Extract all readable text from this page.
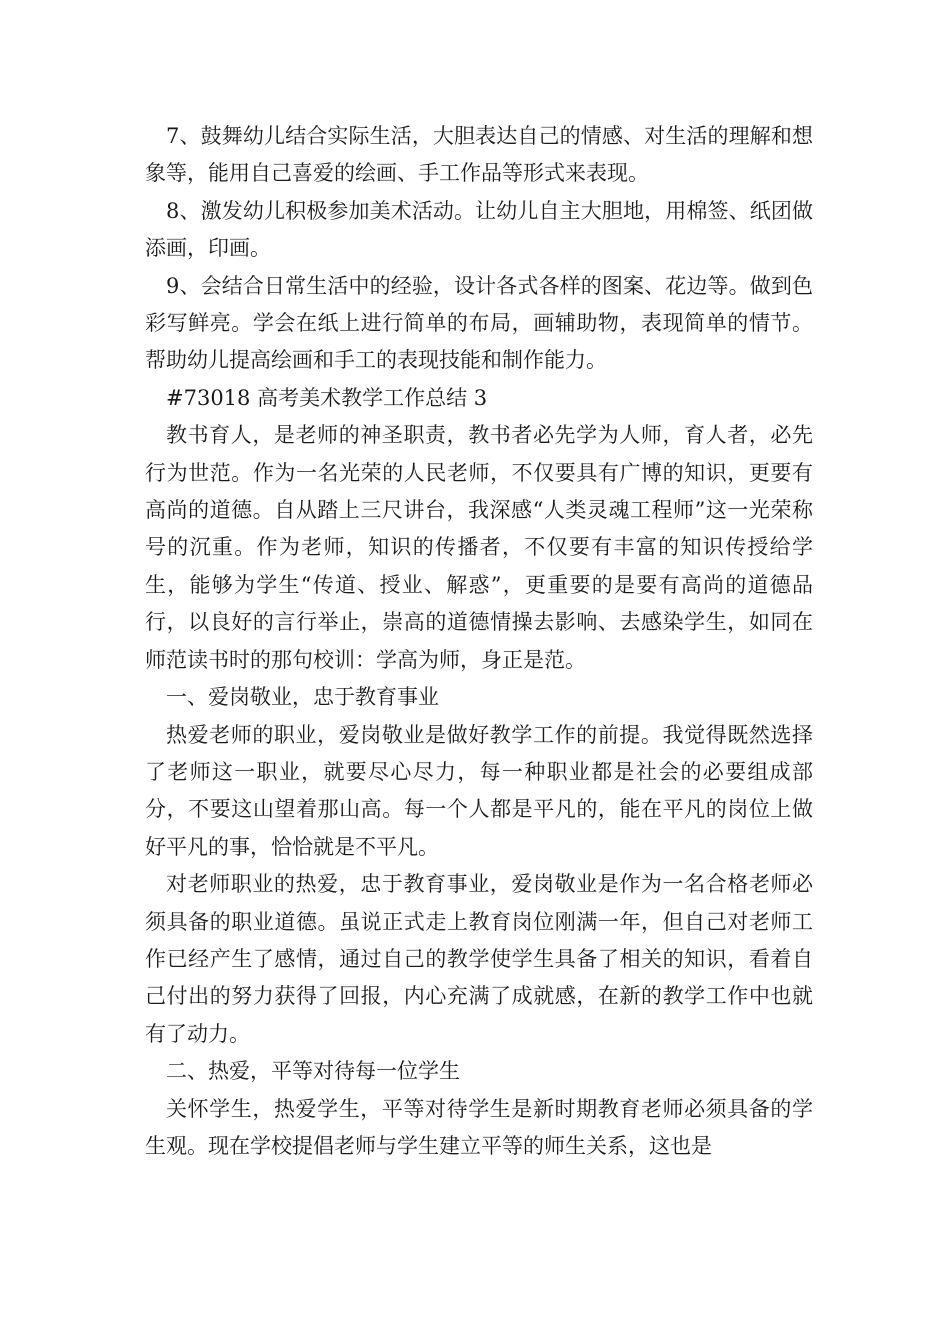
7、鼓舞幼儿结合实际生活，大胆表达自己的情感、对生活的理解和想象等，能用自己喜爱的绘画、手工作品等形式来表现。

8、激发幼儿积极参加美术活动。让幼儿自主大胆地，用棉签、纸团做添画，印画。

9、会结合日常生活中的经验，设计各式各样的图案、花边等。做到色彩写鲜亮。学会在纸上进行简单的布局，画辅助物，表现简单的情节。帮助幼儿提高绘画和手工的表现技能和制作能力。

#73018 高考美术教学工作总结 3

教书育人，是老师的神圣职责，教书者必先学为人师，育人者，必先行为世范。作为一名光荣的人民老师，不仅要具有广博的知识，更要有高尚的道德。自从踏上三尺讲台，我深感“人类灵魂工程师”这一光荣称号的沉重。作为老师，知识的传播者，不仅要有丰富的知识传授给学生，能够为学生“传道、授业、解惑”，更重要的是要有高尚的道德品行，以良好的言行举止，崇高的道德情操去影响、去感染学生，如同在师范读书时的那句校训：学高为师，身正是范。

一、爱岗敬业，忠于教育事业

热爱老师的职业，爱岗敬业是做好教学工作的前提。我觉得既然选择了老师这一职业，就要尽心尽力，每一种职业都是社会的必要组成部分，不要这山望着那山高。每一个人都是平凡的，能在平凡的岗位上做好平凡的事，恰恰就是不平凡。

对老师职业的热爱，忠于教育事业，爱岗敬业是作为一名合格老师必须具备的职业道德。虽说正式走上教育岗位刚满一年，但自己对老师工作已经产生了感情，通过自己的教学使学生具备了相关的知识，看着自己付出的努力获得了回报，内心充满了成就感，在新的教学工作中也就有了动力。

二、热爱，平等对待每一位学生

关怀学生，热爱学生，平等对待学生是新时期教育老师必须具备的学生观。现在学校提倡老师与学生建立平等的师生关系，这也是
